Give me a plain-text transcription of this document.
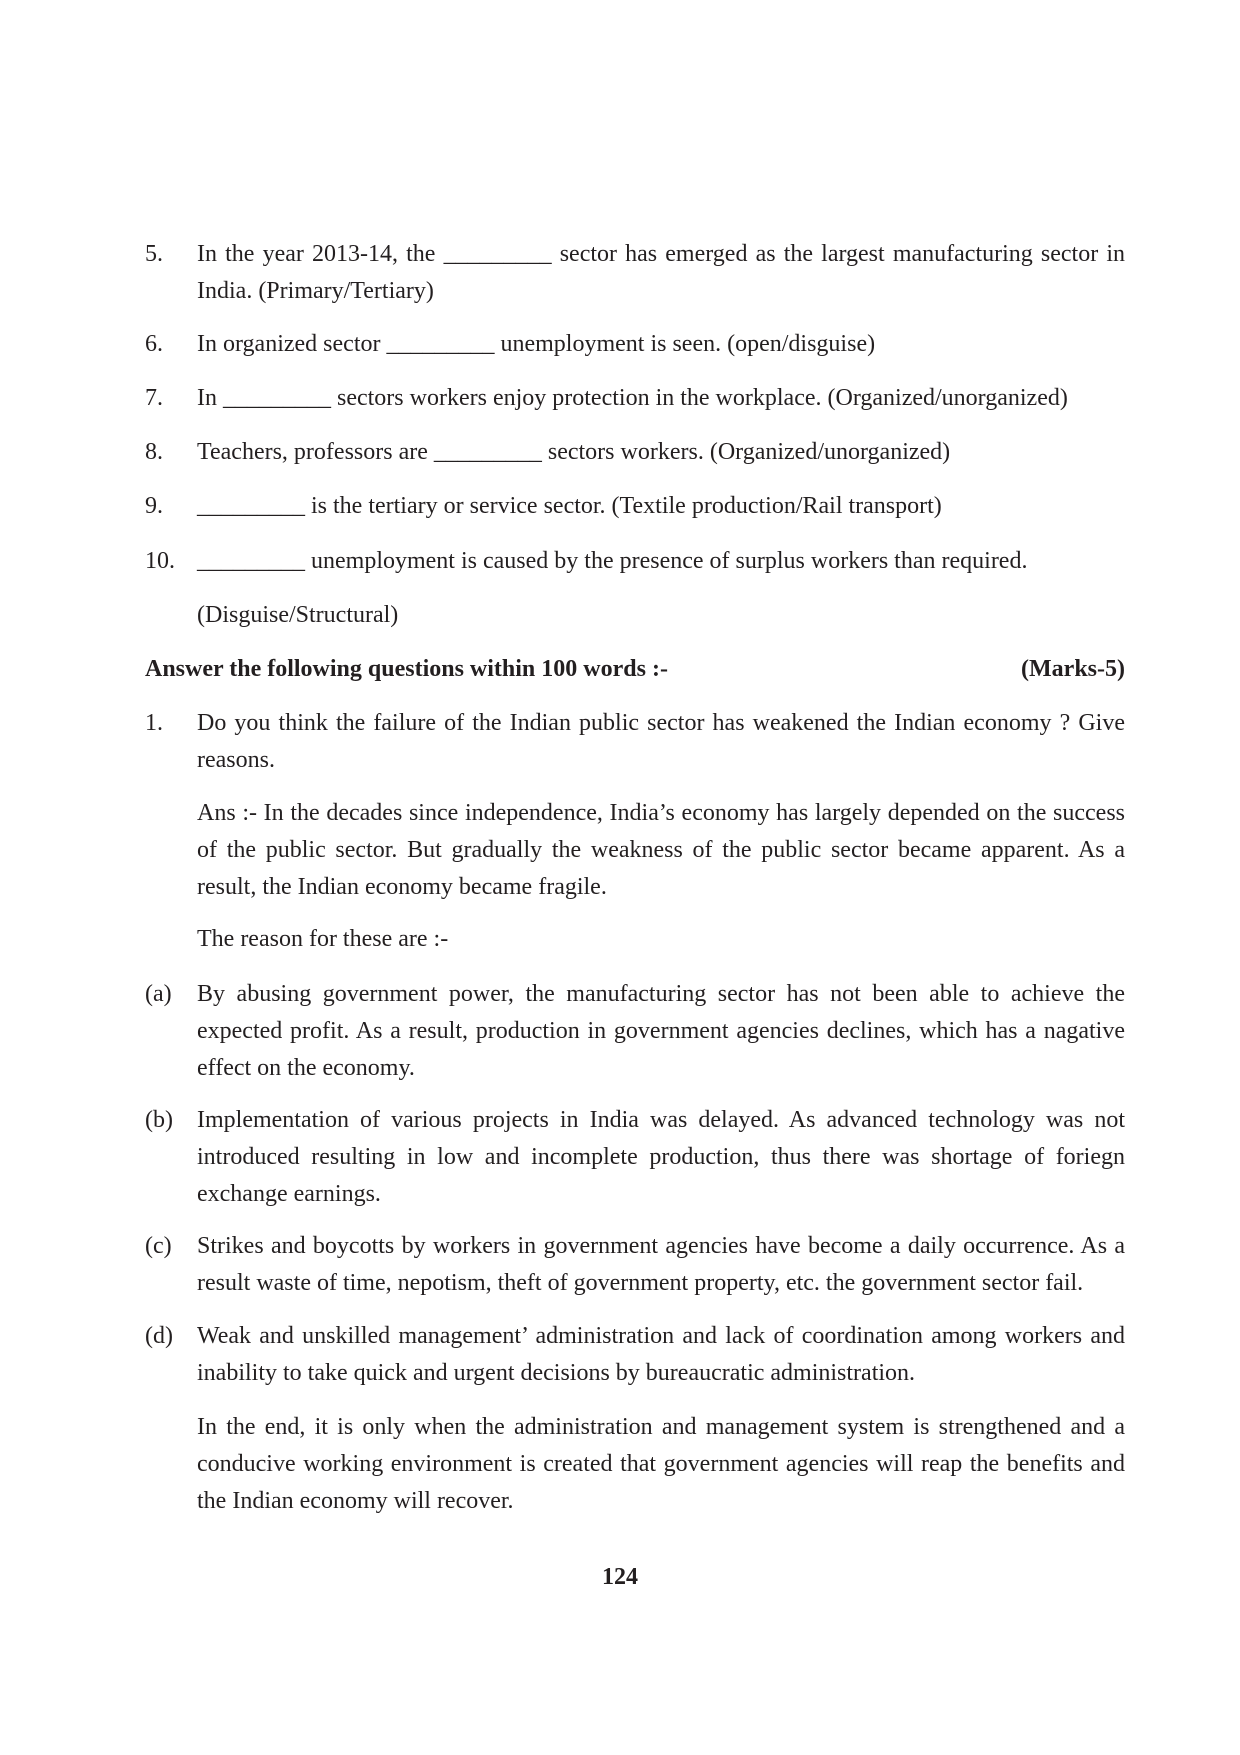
5. In the year 2013-14, the _________ sector has emerged as the largest manufacturing sector in India. (Primary/Tertiary)
6. In organized sector _________ unemployment is seen. (open/disguise)
7. In _________ sectors workers enjoy protection in the workplace. (Organized/unorganized)
8. Teachers, professors are _________ sectors workers. (Organized/unorganized)
9. _________ is the tertiary or service sector. (Textile production/Rail transport)
10. _________ unemployment is caused by the presence of surplus workers than required.
(Disguise/Structural)
Answer the following questions within 100 words :-	(Marks-5)
1. Do you think the failure of the Indian public sector has weakened the Indian economy ? Give reasons.
Ans :- In the decades since independence, India’s economy has largely depended on the success of the public sector. But gradually the weakness of the public sector became apparent. As a result, the Indian economy became fragile.
The reason for these are :-
(a) By abusing government power, the manufacturing sector has not been able to achieve the expected profit. As a result, production in government agencies declines, which has a nagative effect on the economy.
(b) Implementation of various projects in India was delayed. As advanced technology was not introduced resulting in low and incomplete production, thus there was shortage of foriegn exchange earnings.
(c) Strikes and boycotts by workers in government agencies have become a daily occurrence. As a result waste of time, nepotism, theft of government property, etc. the government sector fail.
(d) Weak and unskilled management’ administration and lack of coordination among workers and inability to take quick and urgent decisions by bureaucratic administration.
In the end, it is only when the administration and management system is strengthened and a conducive working environment is created that government agencies will reap the benefits and the Indian economy will recover.
124
